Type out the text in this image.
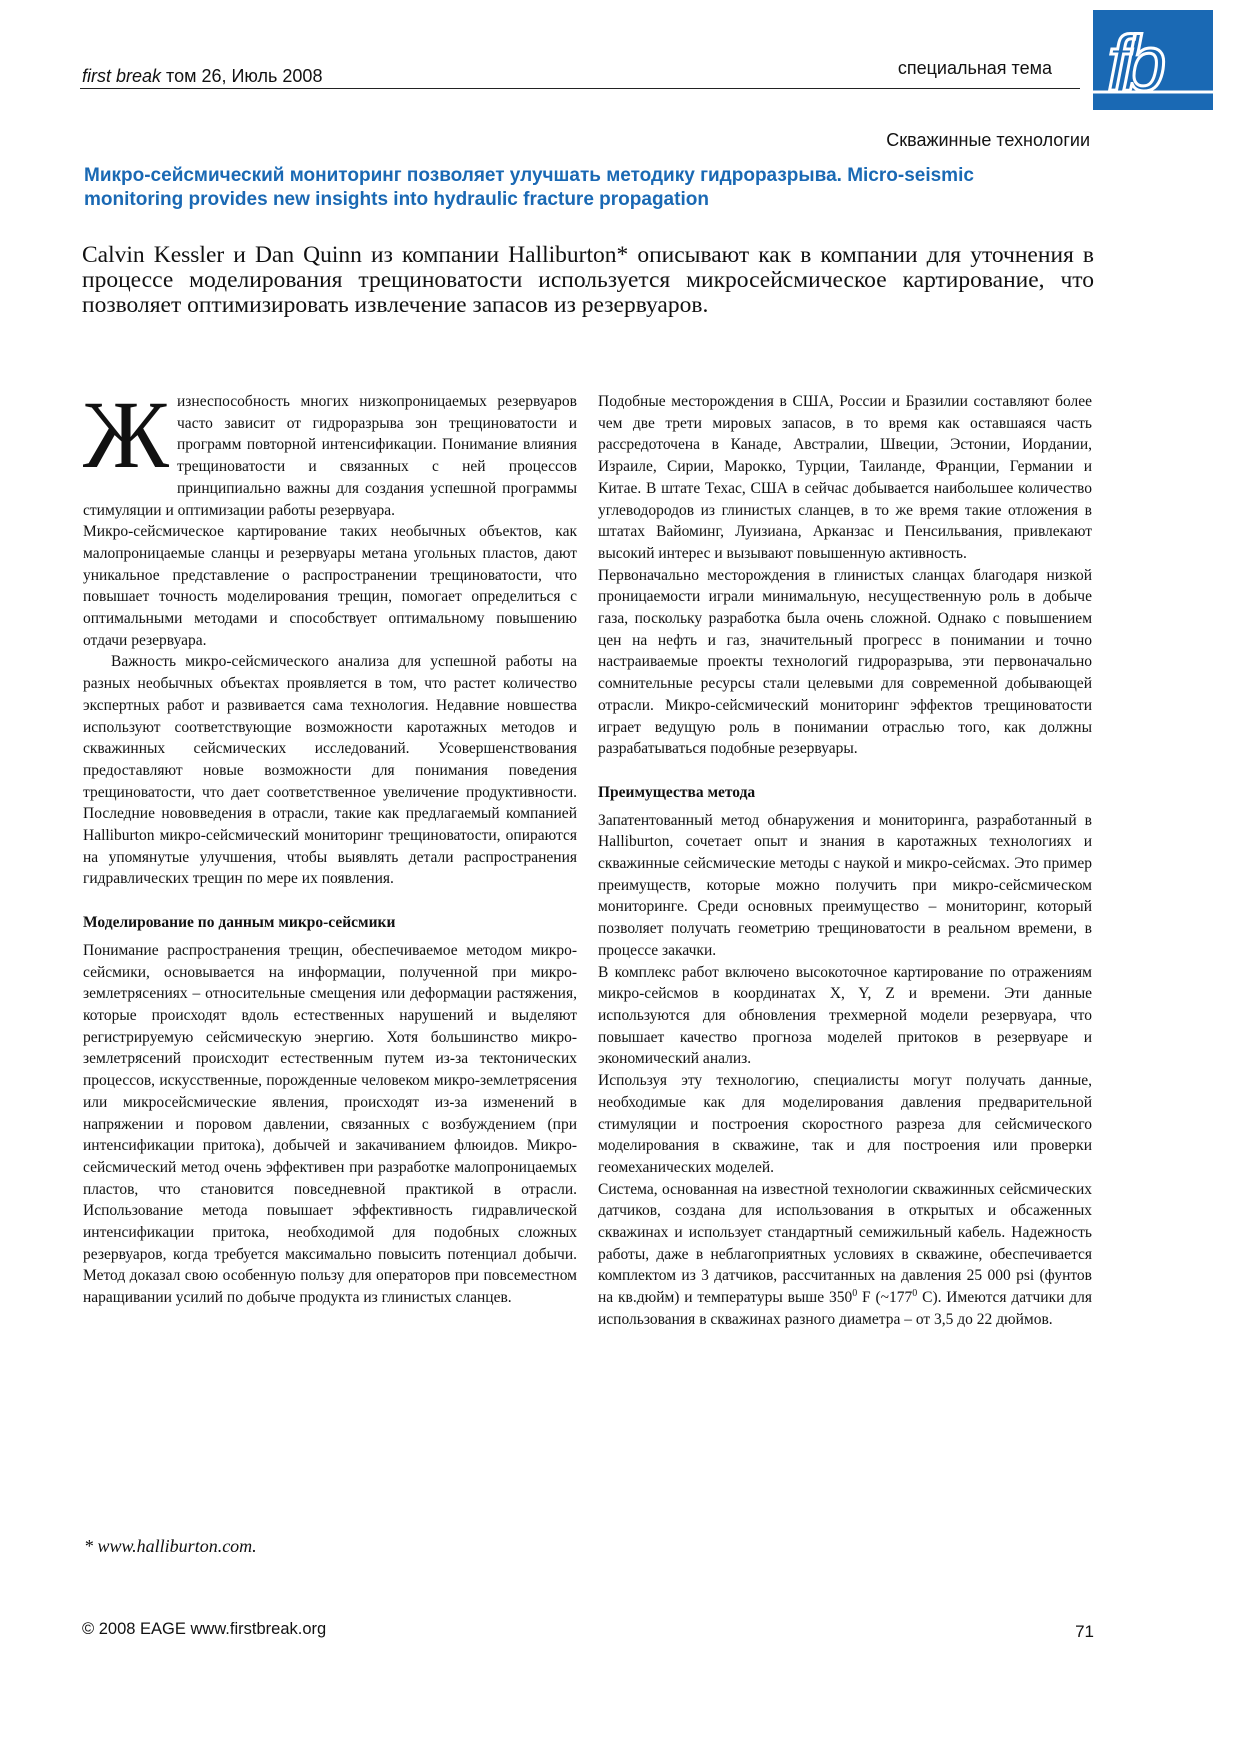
first break том 26, Июль 2008	специальная тема fb
Скважинные технологии
Микро-сейсмический мониторинг позволяет улучшать методику гидроразрыва. Micro-seismic monitoring provides new insights into hydraulic fracture propagation
Calvin Kessler и Dan Quinn из компании Halliburton* описывают как в компании для уточнения в процессе моделирования трещиноватости используется микросейсмическое картирование, что позволяет оптимизировать извлечение запасов из резервуаров.

Жизнеспособность многих низкопроницаемых резервуаров часто зависит от гидроразрыва зон трещиноватости и программ повторной интенсификации. Понимание влияния трещиноватости и связанных с ней процессов принципиально важны для создания успешной программы стимуляции и оптимизации работы резервуара.

Микро-сейсмическое картирование таких необычных объектов, как малопроницаемые сланцы и резервуары метана угольных пластов, дают уникальное представление о распространении трещиноватости, что повышает точность моделирования трещин, помогает определиться с оптимальными методами и способствует оптимальному повышению отдачи резервуара.

Важность микро-сейсмического анализа для успешной работы на разных необычных объектах проявляется в том, что растет количество экспертных работ и развивается сама технология. Недавние новшества используют соответствующие возможности каротажных методов и скважинных сейсмических исследований. Усовершенствования предоставляют новые возможности для понимания поведения трещиноватости, что дает соответственное увеличение продуктивности. Последние нововведения в отрасли, такие как предлагаемый компанией Halliburton микро-сейсмический мониторинг трещиноватости, опираются на упомянутые улучшения, чтобы выявлять детали распространения гидравлических трещин по мере их появления.

Моделирование по данным микро-сейсмики

Понимание распространения трещин, обеспечиваемое методом микро-сейсмики, основывается на информации, полученной при микро-землетрясениях – относительные смещения или деформации растяжения, которые происходят вдоль естественных нарушений и выделяют регистрируемую сейсмическую энергию. Хотя большинство микро-землетрясений происходит естественным путем из-за тектонических процессов, искусственные, порожденные человеком микро-землетрясения или микросейсмические явления, происходят из-за изменений в напряжении и поровом давлении, связанных с возбуждением (при интенсификации притока), добычей и закачиванием флюидов. Микро-сейсмический метод очень эффективен при разработке малопроницаемых пластов, что становится повседневной практикой в отрасли. Использование метода повышает эффективность гидравлической интенсификации притока, необходимой для подобных сложных резервуаров, когда требуется максимально повысить потенциал добычи. Метод доказал свою особенную пользу для операторов при повсеместном наращивании усилий по добыче продукта из глинистых сланцев.

Подобные месторождения в США, России и Бразилии составляют более чем две трети мировых запасов, в то время как оставшаяся часть рассредоточена в Канаде, Австралии, Швеции, Эстонии, Иордании, Израиле, Сирии, Марокко, Турции, Таиланде, Франции, Германии и Китае. В штате Техас, США в сейчас добывается наибольшее количество углеводородов из глинистых сланцев, в то же время такие отложения в штатах Вайоминг, Луизиана, Арканзас и Пенсильвания, привлекают высокий интерес и вызывают повышенную активность.

Первоначально месторождения в глинистых сланцах благодаря низкой проницаемости играли минимальную, несущественную роль в добыче газа, поскольку разработка была очень сложной. Однако с повышением цен на нефть и газ, значительный прогресс в понимании и точно настраиваемые проекты технологий гидроразрыва, эти первоначально сомнительные ресурсы стали целевыми для современной добывающей отрасли. Микро-сейсмический мониторинг эффектов трещиноватости играет ведущую роль в понимании отраслью того, как должны разрабатываться подобные резервуары.

Преимущества метода

Запатентованный метод обнаружения и мониторинга, разработанный в Halliburton, сочетает опыт и знания в каротажных технологиях и скважинные сейсмические методы с наукой и микро-сейсмах. Это пример преимуществ, которые можно получить при микро-сейсмическом мониторинге. Среди основных преимущество – мониторинг, который позволяет получать геометрию трещиноватости в реальном времени, в процессе закачки.

В комплекс работ включено высокоточное картирование по отражениям микро-сейсмов в координатах X, Y, Z и времени. Эти данные используются для обновления трехмерной модели резервуара, что повышает качество прогноза моделей притоков в резервуаре и экономический анализ.

Используя эту технологию, специалисты могут получать данные, необходимые как для моделирования давления предварительной стимуляции и построения скоростного разреза для сейсмического моделирования в скважине, так и для построения или проверки геомеханических моделей.

Система, основанная на известной технологии скважинных сейсмических датчиков, создана для использования в открытых и обсаженных скважинах и использует стандартный семижильный кабель. Надежность работы, даже в неблагоприятных условиях в скважине, обеспечивается комплектом из 3 датчиков, рассчитанных на давления 25 000 psi (фунтов на кв.дюйм) и температуры выше $350^0$ F ($\sim 177^0$ C). Имеются датчики для использования в скважинах разного диаметра – от 3,5 до 22 дюймов.

* www.halliburton.com.
© 2008 EAGE www.firstbreak.org	71
